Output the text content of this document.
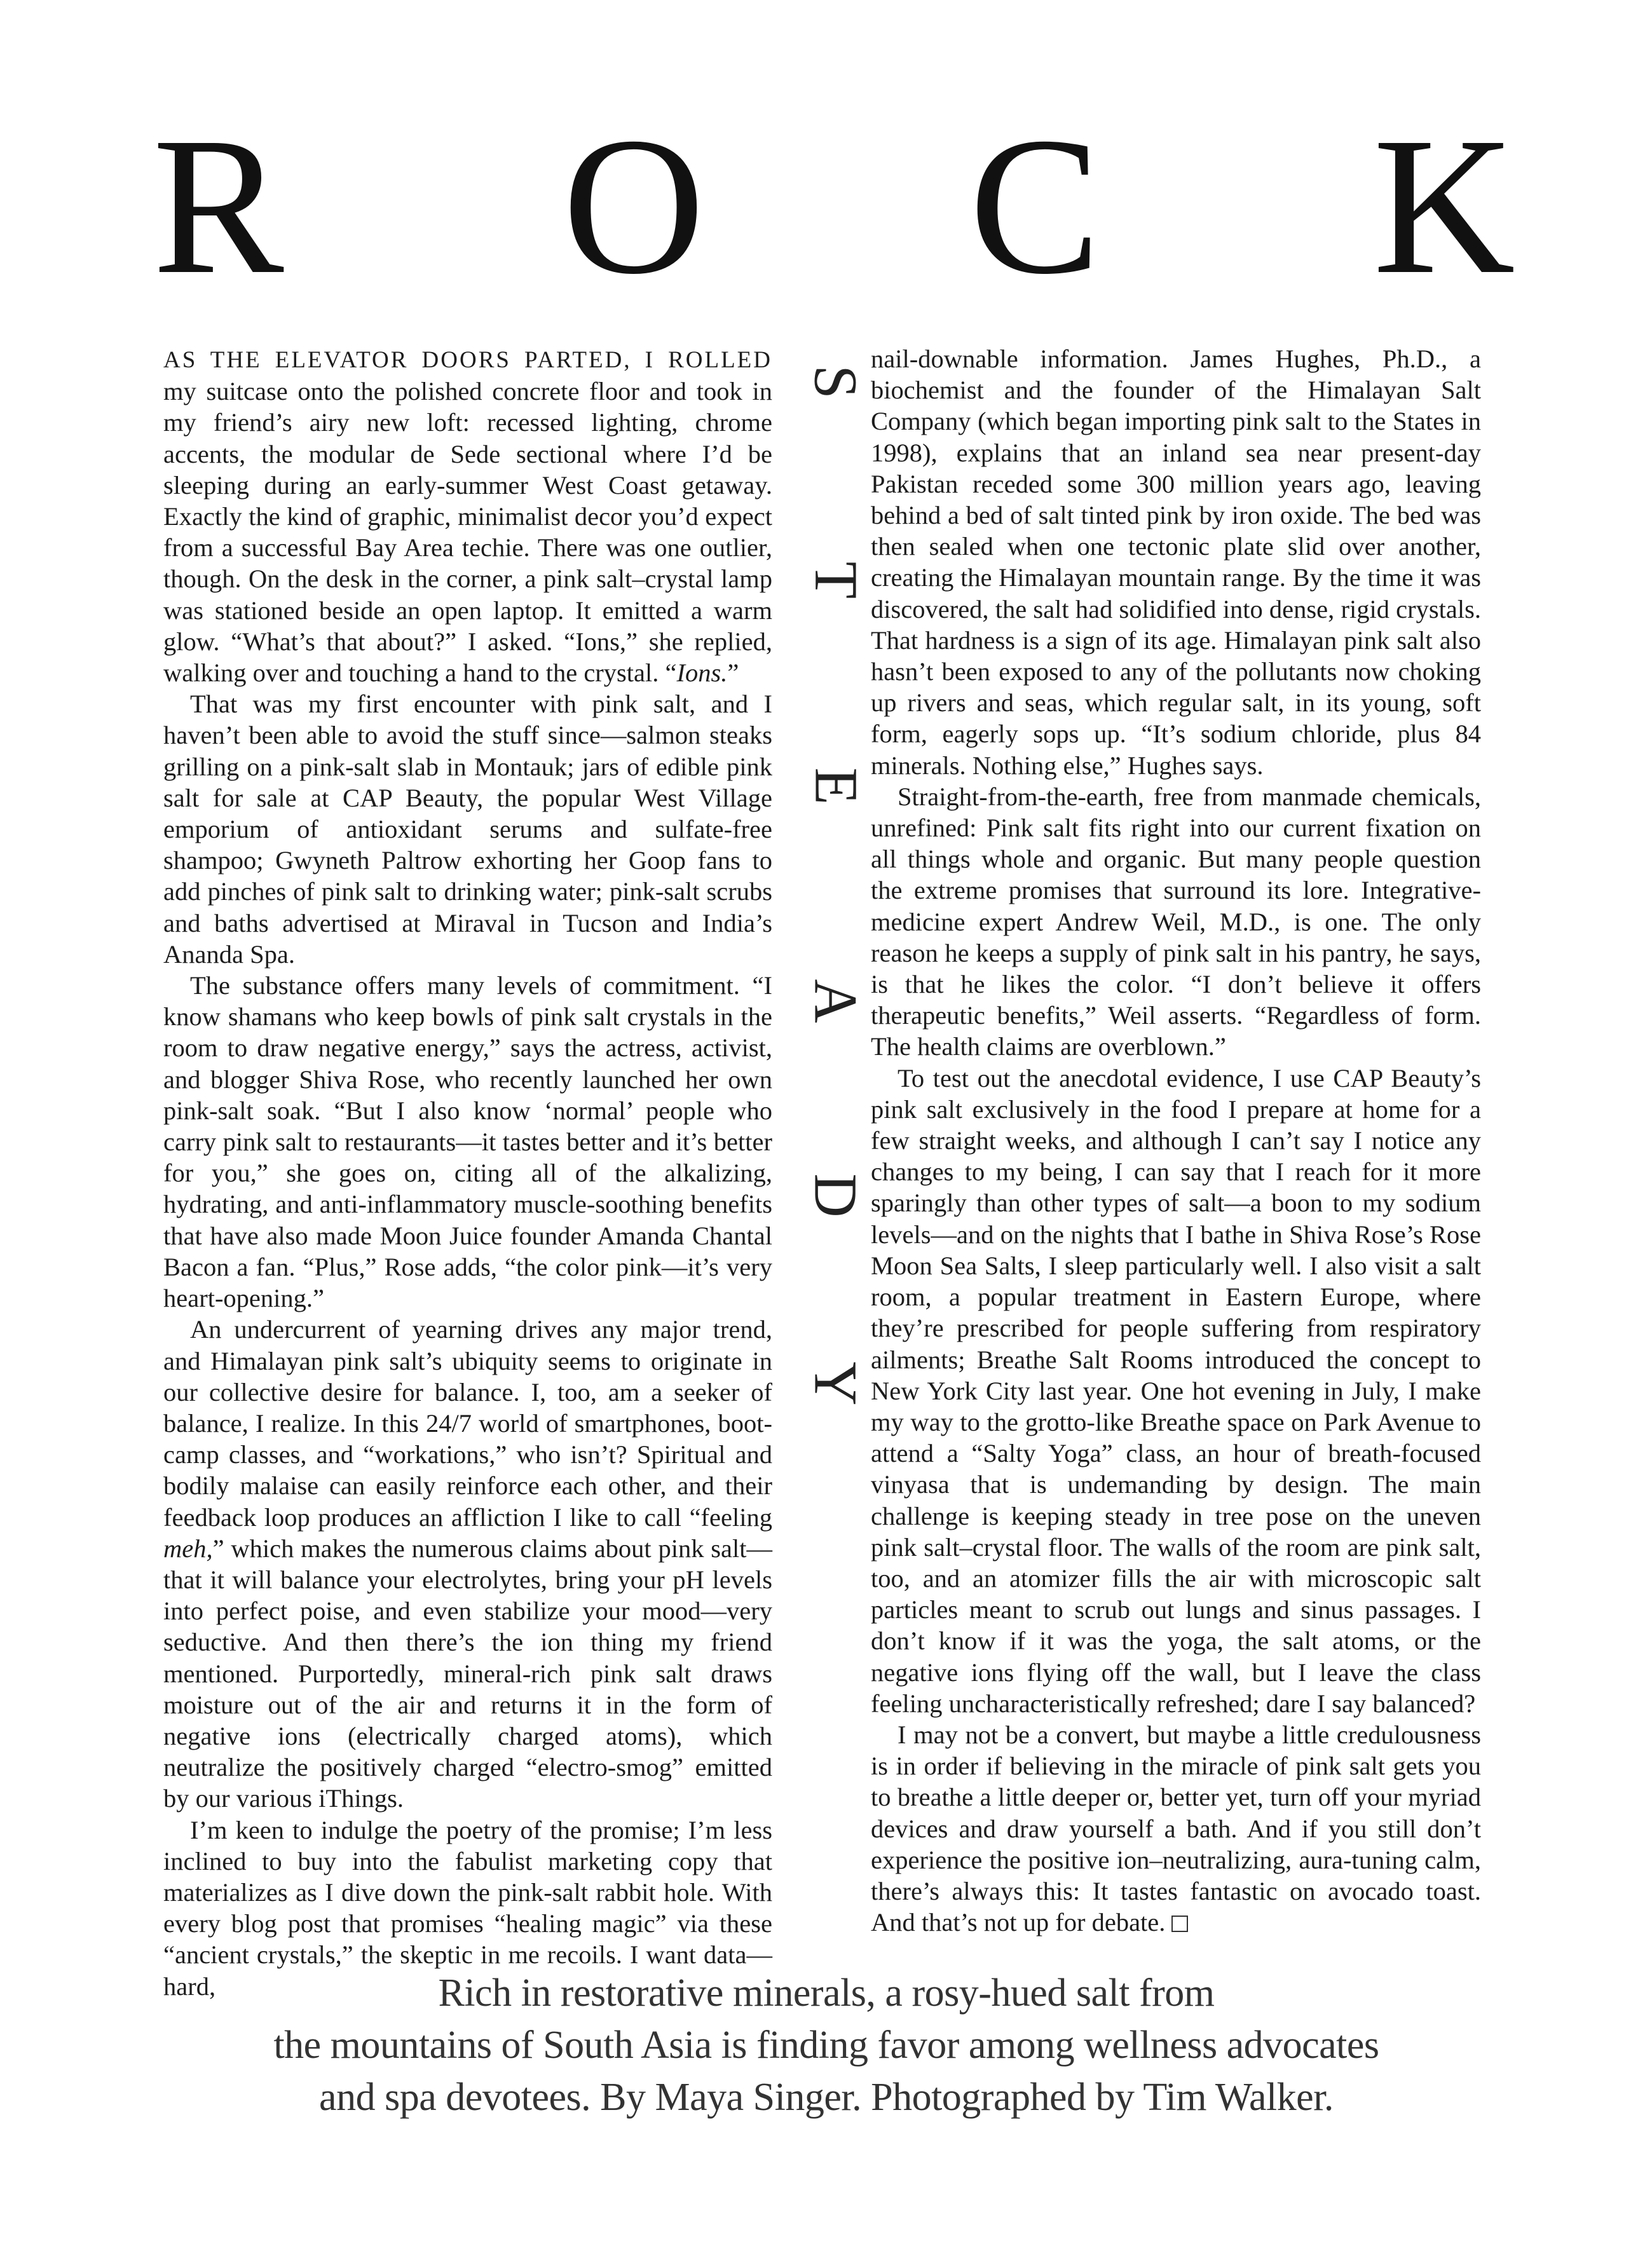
R O C K
S
T
E
A
D
Y

AS THE ELEVATOR DOORS PARTED, I ROLLED my suitcase onto the polished concrete floor and took in my friend’s airy new loft: recessed lighting, chrome accents, the modular de Sede sectional where I’d be sleeping during an early-summer West Coast getaway. Exactly the kind of graphic, minimalist decor you’d expect from a successful Bay Area techie. There was one outlier, though. On the desk in the corner, a pink salt–crystal lamp was stationed beside an open laptop. It emitted a warm glow. “What’s that about?” I asked. “Ions,” she replied, walking over and touching a hand to the crystal. “Ions.”

That was my first encounter with pink salt, and I haven’t been able to avoid the stuff since—salmon steaks grilling on a pink-salt slab in Montauk; jars of edible pink salt for sale at CAP Beauty, the popular West Village emporium of antioxidant serums and sulfate-free shampoo; Gwyneth Paltrow exhorting her Goop fans to add pinches of pink salt to drinking water; pink-salt scrubs and baths advertised at Miraval in Tucson and India’s Ananda Spa.

The substance offers many levels of commitment. “I know shamans who keep bowls of pink salt crystals in the room to draw negative energy,” says the actress, activist, and blogger Shiva Rose, who recently launched her own pink-salt soak. “But I also know ‘normal’ people who carry pink salt to restaurants—it tastes better and it’s better for you,” she goes on, citing all of the alkalizing, hydrating, and anti-inflammatory muscle-soothing benefits that have also made Moon Juice founder Amanda Chantal Bacon a fan. “Plus,” Rose adds, “the color pink—it’s very heart-opening.”

An undercurrent of yearning drives any major trend, and Himalayan pink salt’s ubiquity seems to originate in our collective desire for balance. I, too, am a seeker of balance, I realize. In this 24/7 world of smartphones, boot-camp classes, and “workations,” who isn’t? Spiritual and bodily malaise can easily reinforce each other, and their feedback loop produces an affliction I like to call “feeling meh,” which makes the numerous claims about pink salt—that it will balance your electrolytes, bring your pH levels into perfect poise, and even stabilize your mood—very seductive. And then there’s the ion thing my friend mentioned. Purportedly, mineral-rich pink salt draws moisture out of the air and returns it in the form of negative ions (electrically charged atoms), which neutralize the positively charged “electro-smog” emitted by our various iThings.

I’m keen to indulge the poetry of the promise; I’m less inclined to buy into the fabulist marketing copy that materializes as I dive down the pink-salt rabbit hole. With every blog post that promises “healing magic” via these “ancient crystals,” the skeptic in me recoils. I want data—hard,

nail-downable information. James Hughes, Ph.D., a biochemist and the founder of the Himalayan Salt Company (which began importing pink salt to the States in 1998), explains that an inland sea near present-day Pakistan receded some 300 million years ago, leaving behind a bed of salt tinted pink by iron oxide. The bed was then sealed when one tectonic plate slid over another, creating the Himalayan mountain range. By the time it was discovered, the salt had solidified into dense, rigid crystals. That hardness is a sign of its age. Himalayan pink salt also hasn’t been exposed to any of the pollutants now choking up rivers and seas, which regular salt, in its young, soft form, eagerly sops up. “It’s sodium chloride, plus 84 minerals. Nothing else,” Hughes says.

Straight-from-the-earth, free from manmade chemicals, unrefined: Pink salt fits right into our current fixation on all things whole and organic. But many people question the extreme promises that surround its lore. Integrative-medicine expert Andrew Weil, M.D., is one. The only reason he keeps a supply of pink salt in his pantry, he says, is that he likes the color. “I don’t believe it offers therapeutic benefits,” Weil asserts. “Regardless of form. The health claims are overblown.”

To test out the anecdotal evidence, I use CAP Beauty’s pink salt exclusively in the food I prepare at home for a few straight weeks, and although I can’t say I notice any changes to my being, I can say that I reach for it more sparingly than other types of salt—a boon to my sodium levels—and on the nights that I bathe in Shiva Rose’s Rose Moon Sea Salts, I sleep particularly well. I also visit a salt room, a popular treatment in Eastern Europe, where they’re prescribed for people suffering from respiratory ailments; Breathe Salt Rooms introduced the concept to New York City last year. One hot evening in July, I make my way to the grotto-like Breathe space on Park Avenue to attend a “Salty Yoga” class, an hour of breath-focused vinyasa that is undemanding by design. The main challenge is keeping steady in tree pose on the uneven pink salt–crystal floor. The walls of the room are pink salt, too, and an atomizer fills the air with microscopic salt particles meant to scrub out lungs and sinus passages. I don’t know if it was the yoga, the salt atoms, or the negative ions flying off the wall, but I leave the class feeling uncharacteristically refreshed; dare I say balanced?

I may not be a convert, but maybe a little credulousness is in order if believing in the miracle of pink salt gets you to breathe a little deeper or, better yet, turn off your myriad devices and draw yourself a bath. And if you still don’t experience the positive ion–neutralizing, aura-tuning calm, there’s always this: It tastes fantastic on avocado toast. And that’s not up for debate.

Rich in restorative minerals, a rosy-hued salt from
the mountains of South Asia is finding favor among wellness advocates
and spa devotees. By Maya Singer. Photographed by Tim Walker.
